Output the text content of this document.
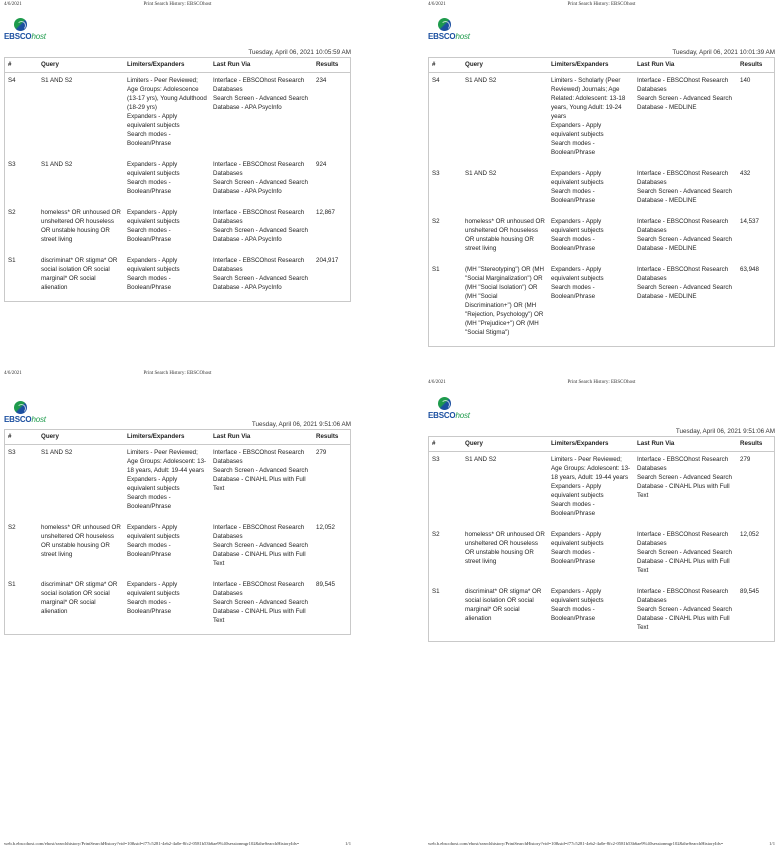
4/6/2021	Print Search History: EBSCOhost
EBSCOhost
Tuesday, April 06, 2021 10:05:59 AM
#	Query	Limiters/Expanders	Last Run Via	Results
S4	S1 AND S2	Limiters - Peer Reviewed; Age Groups: Adolescence (13-17 yrs), Young Adulthood (18-29 yrs)
Expanders - Apply equivalent subjects
Search modes - Boolean/Phrase	Interface - EBSCOhost Research Databases
Search Screen - Advanced Search
Database - APA PsycInfo	234
S3	S1 AND S2	Expanders - Apply equivalent subjects
Search modes - Boolean/Phrase	Interface - EBSCOhost Research Databases
Search Screen - Advanced Search
Database - APA PsycInfo	924
S2	homeless* OR unhoused OR unsheltered OR houseless OR unstable housing OR street living	Expanders - Apply equivalent subjects
Search modes - Boolean/Phrase	Interface - EBSCOhost Research Databases
Search Screen - Advanced Search
Database - APA PsycInfo	12,867
S1	discriminat* OR stigma* OR social isolation OR social marginal* OR social alienation	Expanders - Apply equivalent subjects
Search modes - Boolean/Phrase	Interface - EBSCOhost Research Databases
Search Screen - Advanced Search
Database - APA PsycInfo	204,917
4/6/2021	Print Search History: EBSCOhost
EBSCOhost
Tuesday, April 06, 2021 10:01:39 AM
#	Query	Limiters/Expanders	Last Run Via	Results
S4	S1 AND S2	Limiters - Scholarly (Peer Reviewed) Journals; Age Related: Adolescent: 13-18 years, Young Adult: 19-24 years
Expanders - Apply equivalent subjects
Search modes - Boolean/Phrase	Interface - EBSCOhost Research Databases
Search Screen - Advanced Search
Database - MEDLINE	140
S3	S1 AND S2	Expanders - Apply equivalent subjects
Search modes - Boolean/Phrase	Interface - EBSCOhost Research Databases
Search Screen - Advanced Search
Database - MEDLINE	432
S2	homeless* OR unhoused OR unsheltered OR houseless OR unstable housing OR street living	Expanders - Apply equivalent subjects
Search modes - Boolean/Phrase	Interface - EBSCOhost Research Databases
Search Screen - Advanced Search
Database - MEDLINE	14,537
S1	(MH "Stereotyping") OR (MH "Social Marginalization") OR (MH "Social Isolation") OR (MH "Social Discrimination+") OR (MH "Rejection, Psychology") OR (MH "Prejudice+") OR (MH "Social Stigma")	Expanders - Apply equivalent subjects
Search modes - Boolean/Phrase	Interface - EBSCOhost Research Databases
Search Screen - Advanced Search
Database - MEDLINE	63,948
4/6/2021	Print Search History: EBSCOhost
EBSCOhost
Tuesday, April 06, 2021 9:51:06 AM
#	Query	Limiters/Expanders	Last Run Via	Results
S3	S1 AND S2	Limiters - Peer Reviewed; Age Groups: Adolescent: 13-18 years, Adult: 19-44 years
Expanders - Apply equivalent subjects
Search modes - Boolean/Phrase	Interface - EBSCOhost Research Databases
Search Screen - Advanced Search
Database - CINAHL Plus with Full Text	279
S2	homeless* OR unhoused OR unsheltered OR houseless OR unstable housing OR street living	Expanders - Apply equivalent subjects
Search modes - Boolean/Phrase	Interface - EBSCOhost Research Databases
Search Screen - Advanced Search
Database - CINAHL Plus with Full Text	12,052
S1	discriminat* OR stigma* OR social isolation OR social marginal* OR social alienation	Expanders - Apply equivalent subjects
Search modes - Boolean/Phrase	Interface - EBSCOhost Research Databases
Search Screen - Advanced Search
Database - CINAHL Plus with Full Text	89,545
web.b.ebscohost.com/ehost/searchhistory/PrintSearchHistory?vid=10&sid=f77c5281-4eb2-4a0e-8fc2-0581b53b6ae9%40sessionmgr102&theSearchHistoryIds=	1/1
4/6/2021	Print Search History: EBSCOhost
EBSCOhost
Tuesday, April 06, 2021 9:51:06 AM
#	Query	Limiters/Expanders	Last Run Via	Results
S3	S1 AND S2	Limiters - Peer Reviewed; Age Groups: Adolescent: 13-18 years, Adult: 19-44 years
Expanders - Apply equivalent subjects
Search modes - Boolean/Phrase	Interface - EBSCOhost Research Databases
Search Screen - Advanced Search
Database - CINAHL Plus with Full Text	279
S2	homeless* OR unhoused OR unsheltered OR houseless OR unstable housing OR street living	Expanders - Apply equivalent subjects
Search modes - Boolean/Phrase	Interface - EBSCOhost Research Databases
Search Screen - Advanced Search
Database - CINAHL Plus with Full Text	12,052
S1	discriminat* OR stigma* OR social isolation OR social marginal* OR social alienation	Expanders - Apply equivalent subjects
Search modes - Boolean/Phrase	Interface - EBSCOhost Research Databases
Search Screen - Advanced Search
Database - CINAHL Plus with Full Text	89,545
web.b.ebscohost.com/ehost/searchhistory/PrintSearchHistory?vid=10&sid=f77c5281-4eb2-4a0e-8fc2-0581b53b6ae9%40sessionmgr102&theSearchHistoryIds=	1/1
